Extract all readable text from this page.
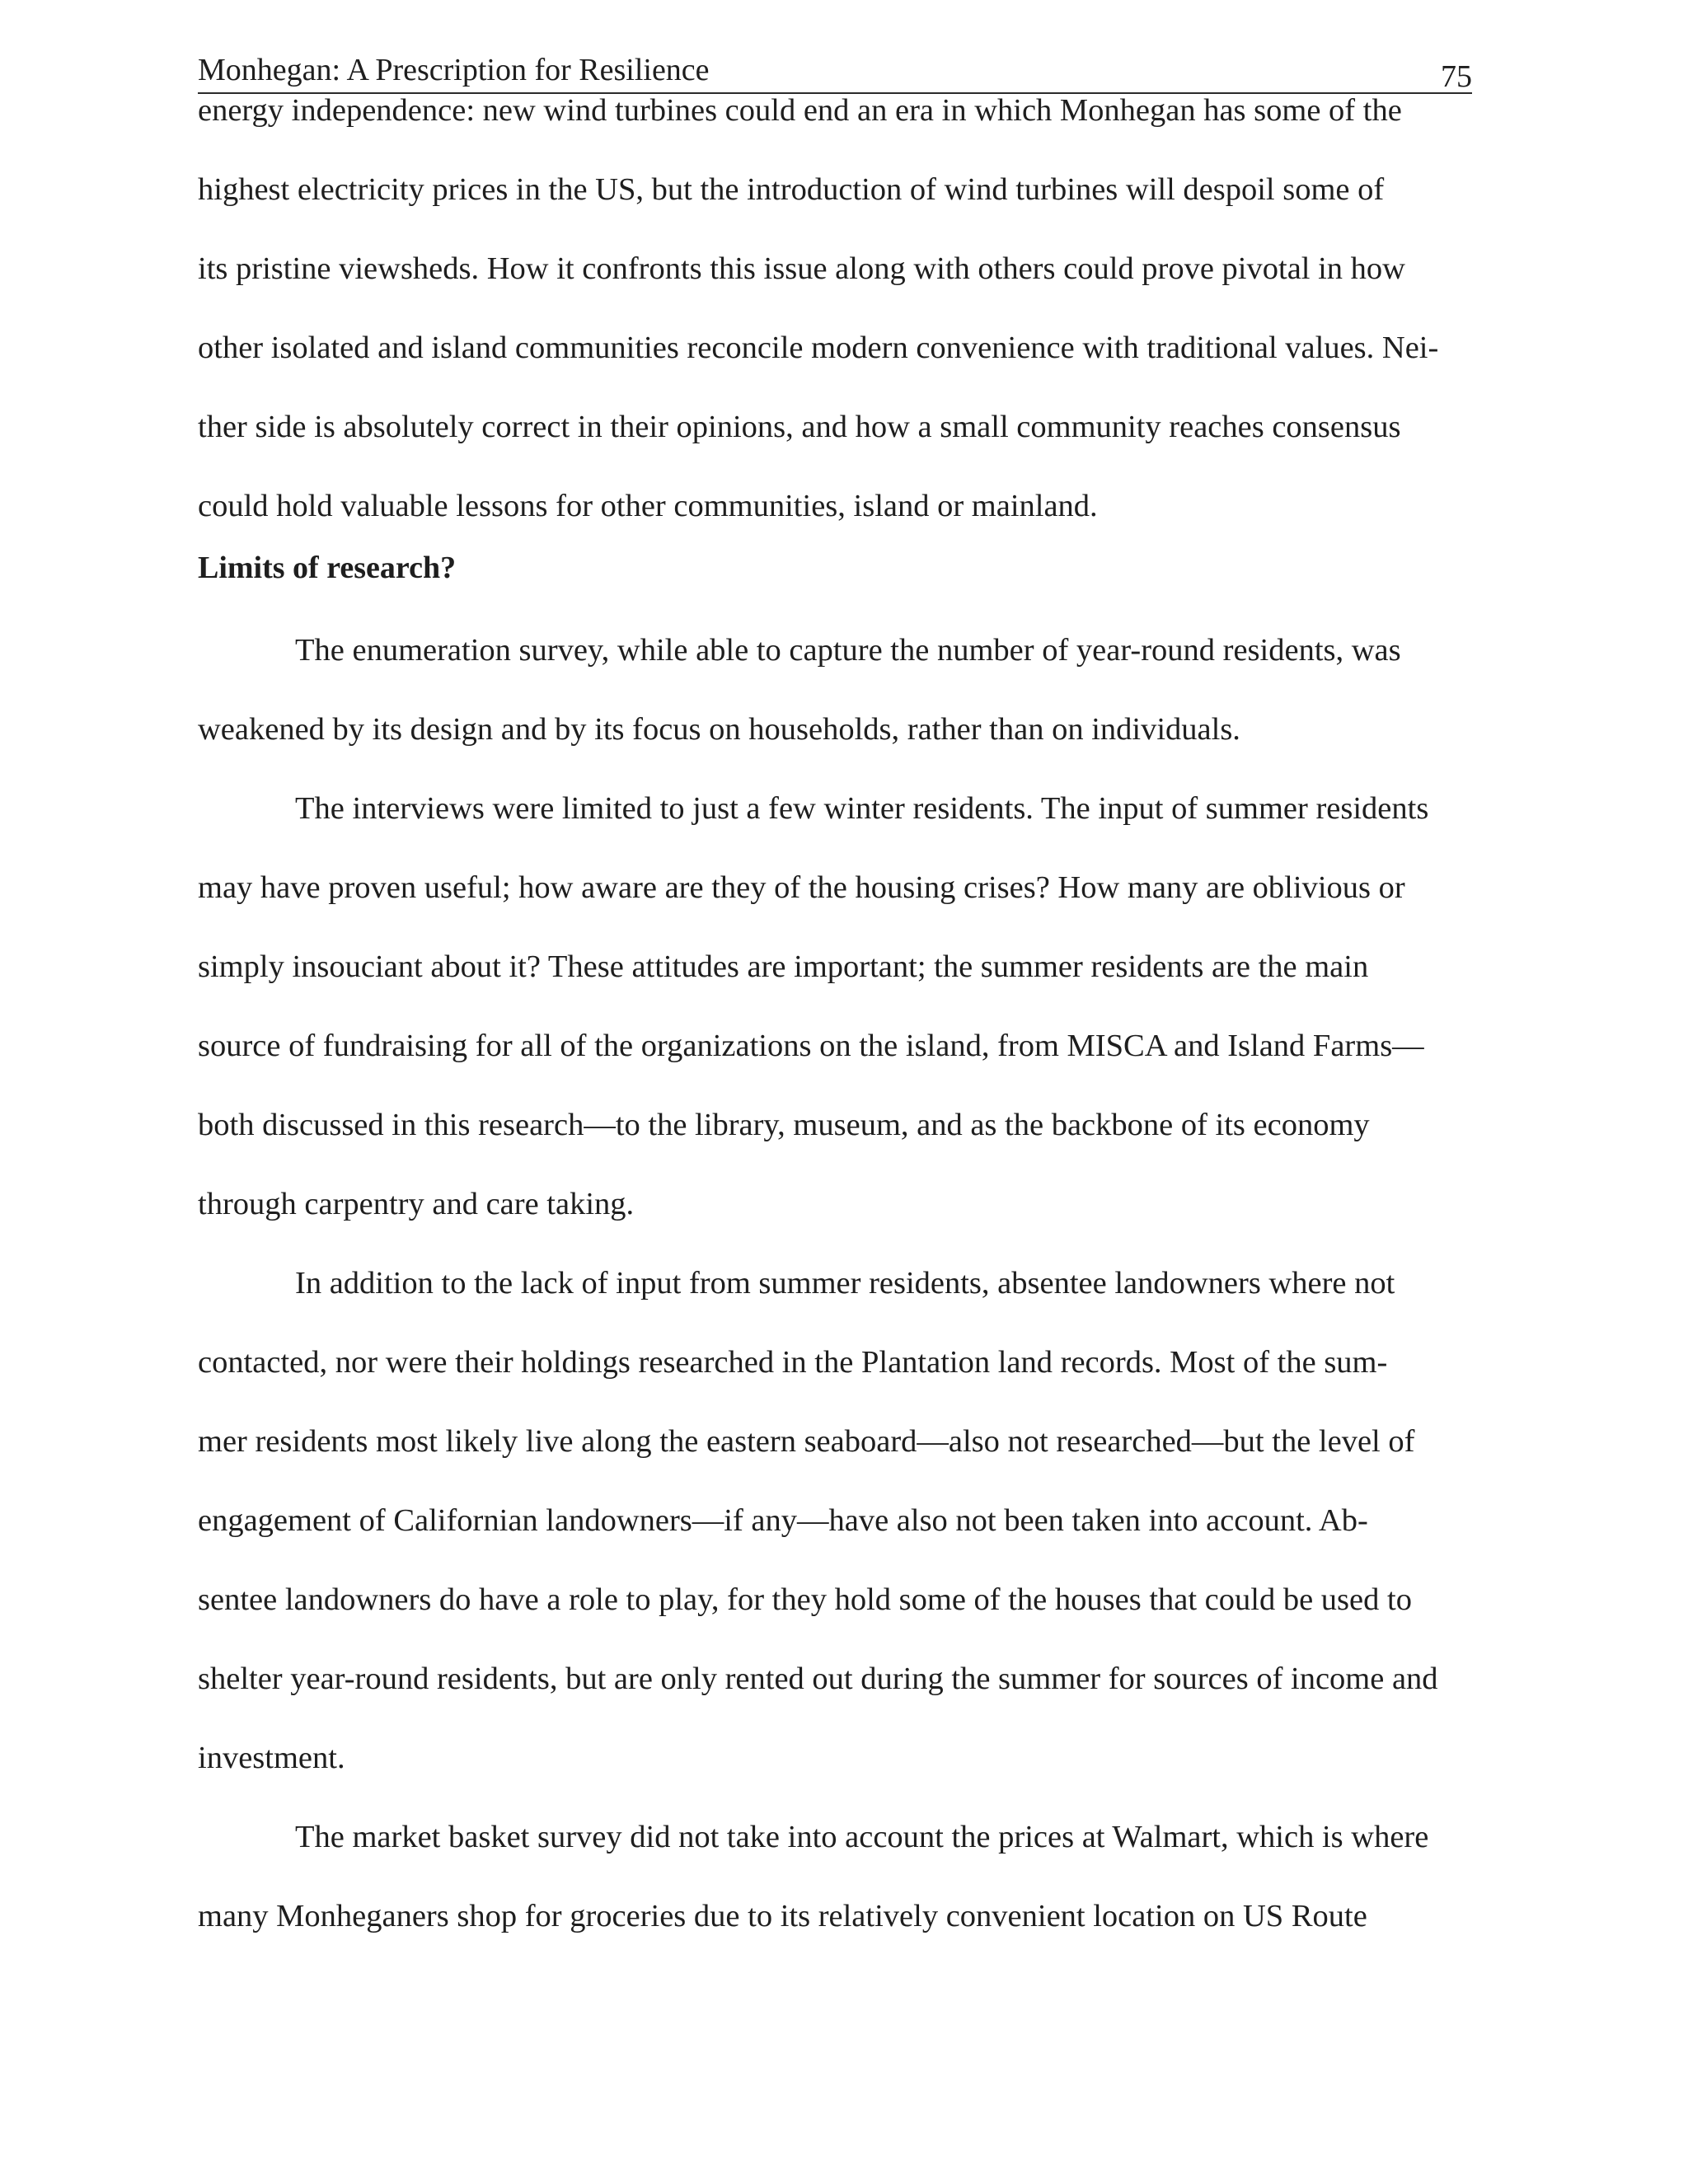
Monhegan: A Prescription for Resilience	75
energy independence: new wind turbines could end an era in which Monhegan has some of the
highest electricity prices in the US, but the introduction of wind turbines will despoil some of
its pristine viewsheds. How it confronts this issue along with others could prove pivotal in how
other isolated and island communities reconcile modern convenience with traditional values. Nei-
ther side is absolutely correct in their opinions, and how a small community reaches consensus
could hold valuable lessons for other communities, island or mainland.
Limits of research?
The enumeration survey, while able to capture the number of year-round residents, was
weakened by its design and by its focus on households, rather than on individuals.
The interviews were limited to just a few winter residents. The input of summer residents
may have proven useful; how aware are they of the housing crises? How many are oblivious or
simply insouciant about it? These attitudes are important; the summer residents are the main
source of fundraising for all of the organizations on the island, from MISCA and Island Farms—
both discussed in this research—to the library, museum, and as the backbone of its economy
through carpentry and care taking.
In addition to the lack of input from summer residents, absentee landowners where not
contacted, nor were their holdings researched in the Plantation land records. Most of the sum-
mer residents most likely live along the eastern seaboard—also not researched—but the level of
engagement of Californian landowners—if any—have also not been taken into account. Ab-
sentee landowners do have a role to play, for they hold some of the houses that could be used to
shelter year-round residents, but are only rented out during the summer for sources of income and
investment.
The market basket survey did not take into account the prices at Walmart, which is where
many Monheganers shop for groceries due to its relatively convenient location on US Route
